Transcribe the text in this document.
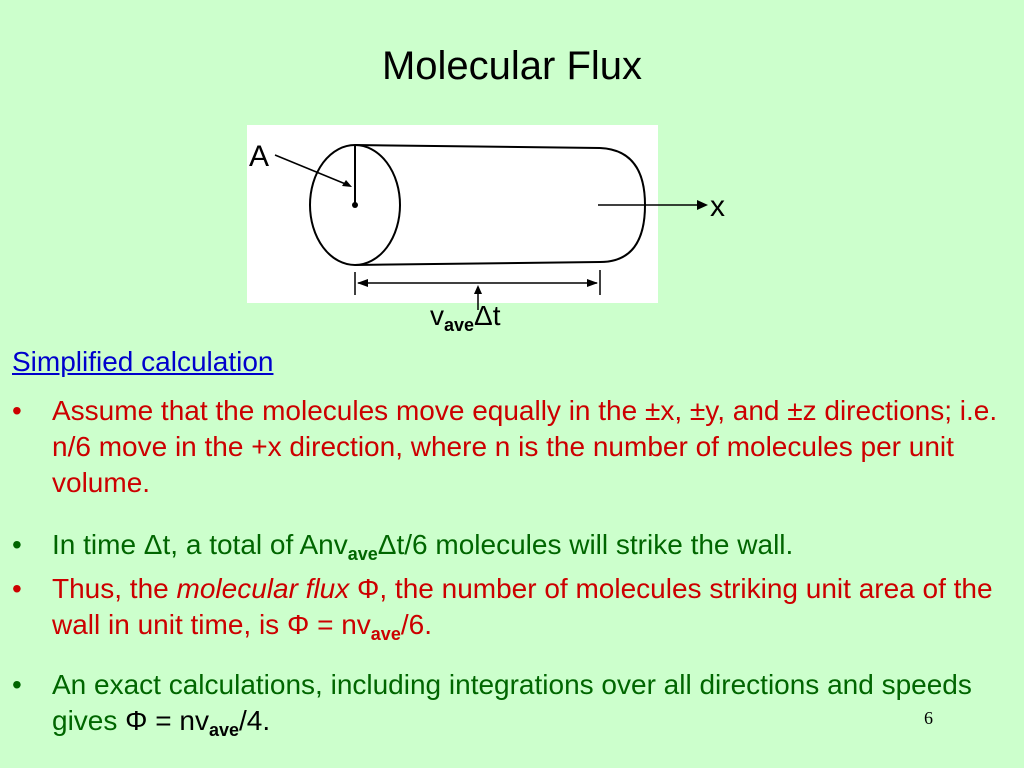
Molecular Flux
A
x
$v_{ave}\Delta t$
Simplified calculation
• Assume that the molecules move equally in the ±x, ±y, and ±z directions; i.e. n/6 move in the +x direction, where n is the number of molecules per unit volume.
• In time Δt, a total of Anv$_{ave}$Δt/6 molecules will strike the wall.
• Thus, the molecular flux Φ, the number of molecules striking unit area of the wall in unit time, is $\Phi = nv_{ave}/6$.
• An exact calculations, including integrations over all directions and speeds gives $\Phi = nv_{ave}/4$.	6
